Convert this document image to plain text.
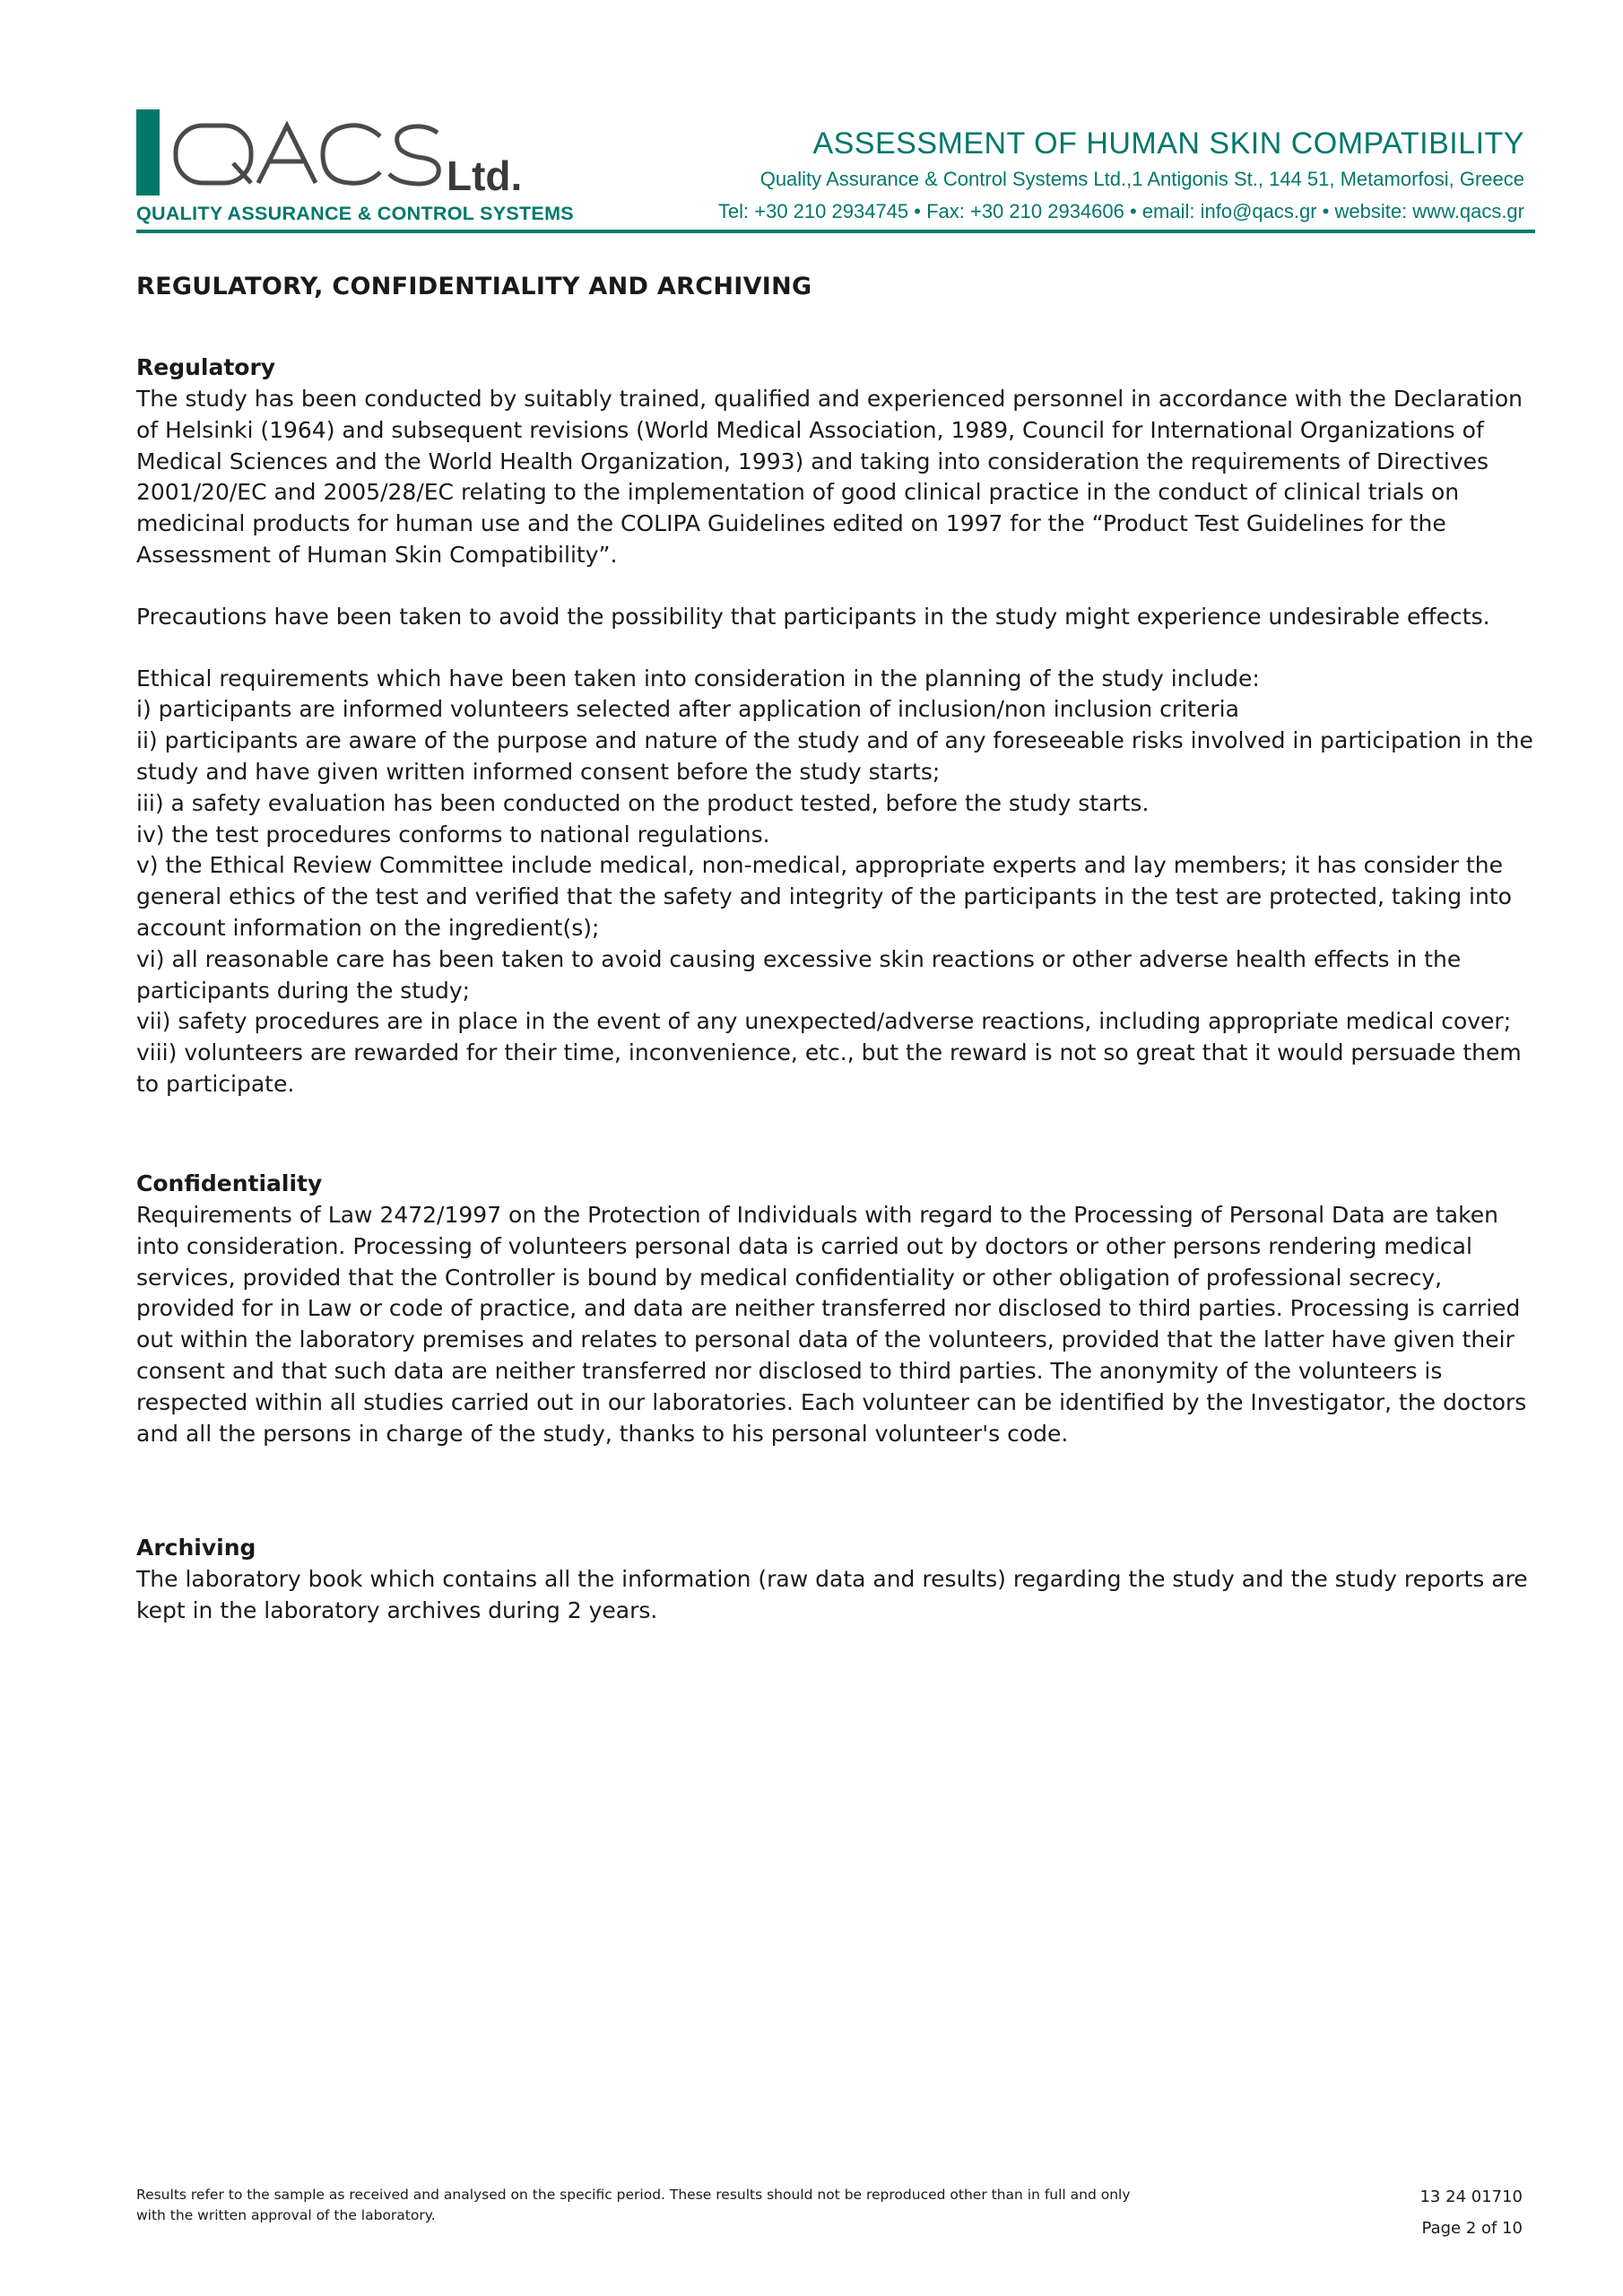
Ltd.
QUALITY ASSURANCE & CONTROL SYSTEMS
ASSESSMENT OF HUMAN SKIN COMPATIBILITY
Quality Assurance & Control Systems Ltd.,1 Antigonis St., 144 51, Metamorfosi, Greece
Tel: +30 210 2934745 • Fax: +30 210 2934606 • email: info@qacs.gr • website: www.qacs.gr
REGULATORY, CONFIDENTIALITY AND ARCHIVING
Regulatory

The study has been conducted by suitably trained, qualified and experienced personnel in accordance with the Declaration
of Helsinki (1964) and subsequent revisions (World Medical Association, 1989, Council for International Organizations of
Medical Sciences and the World Health Organization, 1993) and taking into consideration the requirements of Directives
2001/20/EC and 2005/28/EC relating to the implementation of good clinical practice in the conduct of clinical trials on
medicinal products for human use and the COLIPA Guidelines edited on 1997 for the “Product Test Guidelines for the
Assessment of Human Skin Compatibility”.

Precautions have been taken to avoid the possibility that participants in the study might experience undesirable effects.

Ethical requirements which have been taken into consideration in the planning of the study include:
i) participants are informed volunteers selected after application of inclusion/non inclusion criteria
ii) participants are aware of the purpose and nature of the study and of any foreseeable risks involved in participation in the
study and have given written informed consent before the study starts;
iii) a safety evaluation has been conducted on the product tested, before the study starts.
iv) the test procedures conforms to national regulations.
v) the Ethical Review Committee include medical, non-medical, appropriate experts and lay members; it has consider the
general ethics of the test and verified that the safety and integrity of the participants in the test are protected, taking into
account information on the ingredient(s);
vi) all reasonable care has been taken to avoid causing excessive skin reactions or other adverse health effects in the
participants during the study;
vii) safety procedures are in place in the event of any unexpected/adverse reactions, including appropriate medical cover;
viii) volunteers are rewarded for their time, inconvenience, etc., but the reward is not so great that it would persuade them
to participate.

Confidentiality

Requirements of Law 2472/1997 on the Protection of Individuals with regard to the Processing of Personal Data are taken
into consideration. Processing of volunteers personal data is carried out by doctors or other persons rendering medical
services, provided that the Controller is bound by medical confidentiality or other obligation of professional secrecy,
provided for in Law or code of practice, and data are neither transferred nor disclosed to third parties. Processing is carried
out within the laboratory premises and relates to personal data of the volunteers, provided that the latter have given their
consent and that such data are neither transferred nor disclosed to third parties. The anonymity of the volunteers is
respected within all studies carried out in our laboratories. Each volunteer can be identified by the Investigator, the doctors
and all the persons in charge of the study, thanks to his personal volunteer's code.

Archiving

The laboratory book which contains all the information (raw data and results) regarding the study and the study reports are
kept in the laboratory archives during 2 years.

Results refer to the sample as received and analysed on the specific period. These results should not be reproduced other than in full and only
with the written approval of the laboratory.
13 24 01710
Page 2 of 10
